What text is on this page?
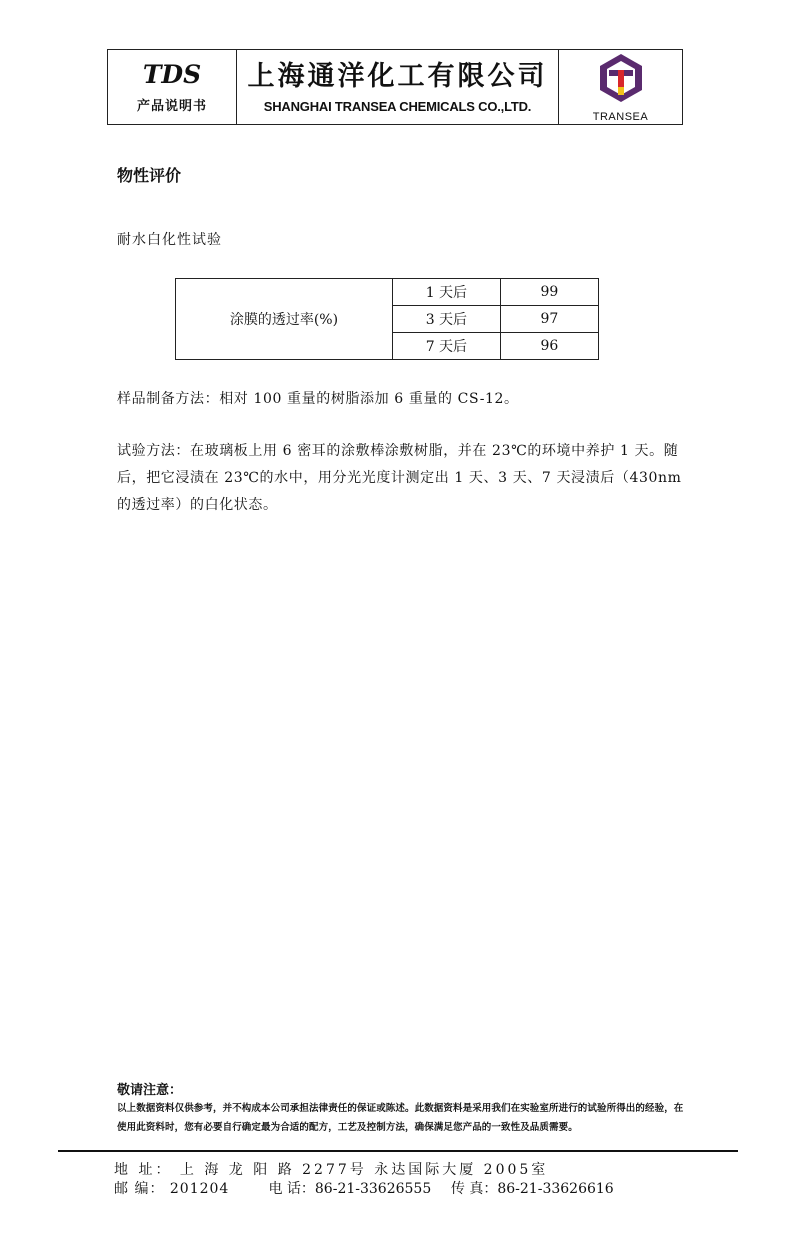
TDS
产品说明书
上海通洋化工有限公司
SHANGHAI TRANSEA CHEMICALS CO.,LTD.
TRANSEA
物性评价
耐水白化性试验
涂膜的透过率(%)	1 天后	99
	3 天后	97
	7 天后	96
样品制备方法：相对 100 重量的树脂添加 6 重量的 CS-12。
试验方法：在玻璃板上用 6 密耳的涂敷棒涂敷树脂，并在 23℃的环境中养护 1 天。随后，把它浸渍在 23℃的水中，用分光光度计测定出 1 天、3 天、7 天浸渍后（430nm 的透过率）的白化状态。
敬请注意：
以上数据资料仅供参考，并不构成本公司承担法律责任的保证或陈述。此数据资料是采用我们在实验室所进行的试验所得出的经验，在使用此资料时，您有必要自行确定最为合适的配方，工艺及控制方法，确保满足您产品的一致性及品质需要。
地 址： 上 海 龙 阳 路 2277号 永达国际大厦 2005室
邮 编： 201204	电 话：86-21-33626555 传 真：86-21-33626616
